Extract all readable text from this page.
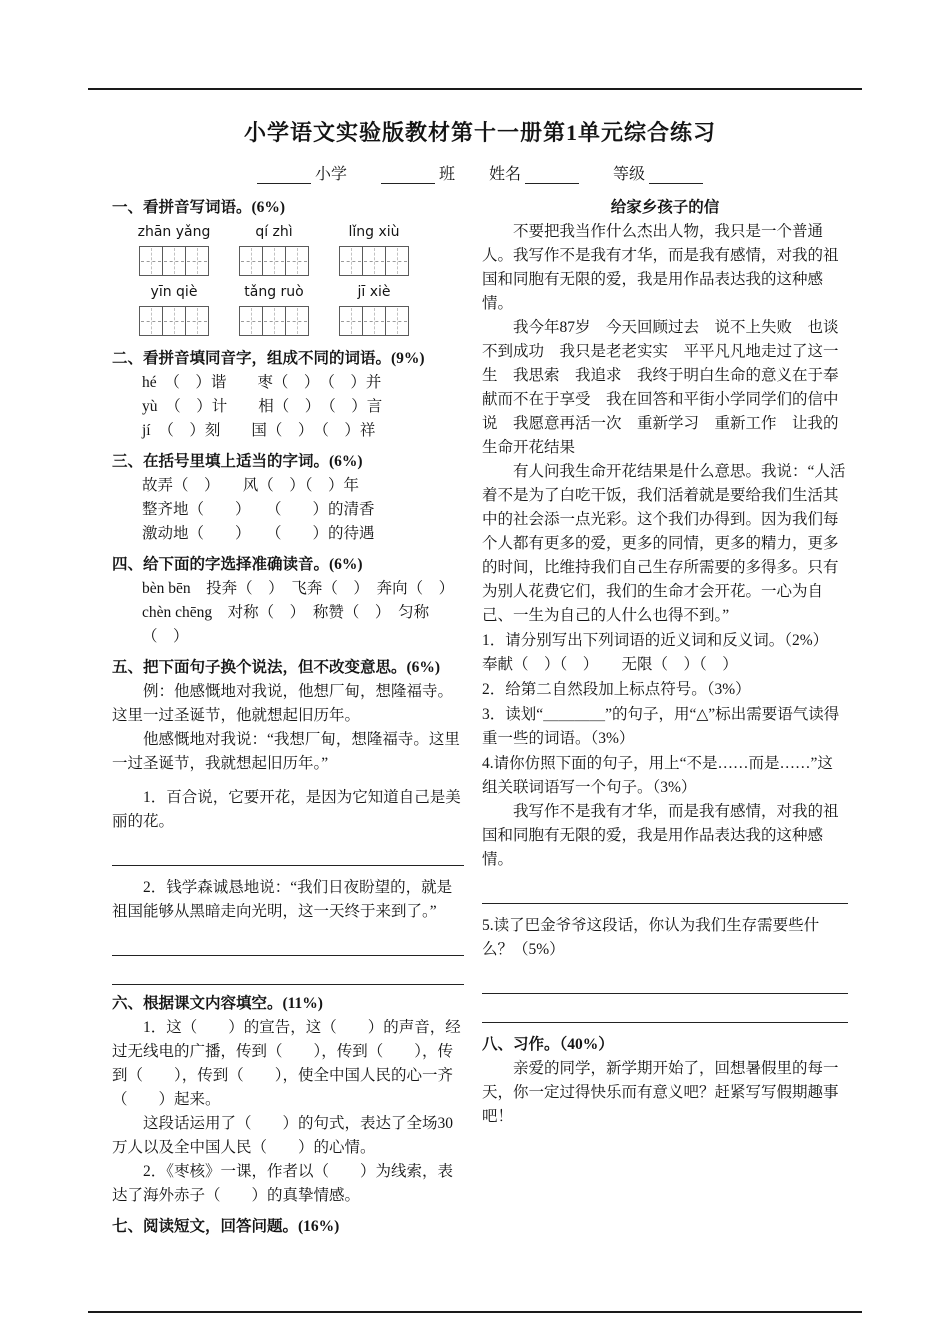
小学语文实验版教材第十一册第1单元综合练习
小学	班 姓名	等级
一、看拼音写词语。(6%)
zhān yǎng	qí zhì	lǐng xiù
yīn qiè	tǎng ruò	jī xiè
二、看拼音填同音字，组成不同的词语。(9%)
hé　（　）谐　　枣（　）　（　）并
yù　（　）计　　相（　）　（　）言
jí　（　）刻　　国（　）　（　）祥
三、在括号里填上适当的字词。(6%)
故弄（　）　　风（　）（　）年
整齐地（　　）　　（　　）的清香
激动地（　　）　　（　　）的待遇
四、给下面的字选择准确读音。(6%)
bèn bēn　投奔（　）　飞奔（　）　奔向（　）
chèn chēng　对称（　）　称赞（　）　匀称（　）
五、把下面句子换个说法，但不改变意思。(6%)

例：他感慨地对我说，他想厂甸，想隆福寺。这里一过圣诞节，他就想起旧历年。

他感慨地对我说：“我想厂甸，想隆福寺。这里一过圣诞节，我就想起旧历年。”

1．百合说，它要开花，是因为它知道自己是美丽的花。

2．钱学森诚恳地说：“我们日夜盼望的，就是祖国能够从黑暗走向光明，这一天终于来到了。”

六、根据课文内容填空。(11%)

1．这（　　）的宣告，这（　　）的声音，经过无线电的广播，传到（　　），传到（　　），传到（　　），传到（　　），使全中国人民的心一齐（　　）起来。

这段话运用了（　　）的句式，表达了全场30万人以及全中国人民（　　）的心情。

2．《枣核》一课，作者以（　　）为线索，表达了海外赤子（　　）的真挚情感。

七、阅读短文，回答问题。(16%)
给家乡孩子的信

不要把我当作什么杰出人物，我只是一个普通人。我写作不是我有才华，而是我有感情，对我的祖国和同胞有无限的爱，我是用作品表达我的这种感情。

我今年87岁　今天回顾过去　说不上失败　也谈不到成功　我只是老老实实　平平凡凡地走过了这一生　我思索　我追求　我终于明白生命的意义在于奉献而不在于享受　我在回答和平街小学同学们的信中说　我愿意再活一次　重新学习　重新工作　让我的生命开花结果

有人问我生命开花结果是什么意思。我说：“人活着不是为了白吃干饭，我们活着就是要给我们生活其中的社会添一点光彩。这个我们办得到。因为我们每个人都有更多的爱，更多的同情，更多的精力，更多的时间，比维持我们自己生存所需要的多得多。只有为别人花费它们，我们的生命才会开花。一心为自己、一生为自己的人什么也得不到。”

1．请分别写出下列词语的近义词和反义词。（2%）
奉献（　）（　）　　无限（　）（　）
2．给第二自然段加上标点符号。（3%）
3．读划“＿＿＿＿”的句子，用“△”标出需要语气读得重一些的词语。（3%）
4.请你仿照下面的句子，用上“不是……而是……”这组关联词语写一个句子。（3%）

我写作不是我有才华，而是我有感情，对我的祖国和同胞有无限的爱，我是用作品表达我的这种感情。

5.读了巴金爷爷这段话，你认为我们生存需要些什么？（5%）
八、习作。（40%）

亲爱的同学，新学期开始了，回想暑假里的每一天，你一定过得快乐而有意义吧？赶紧写写假期趣事吧！
